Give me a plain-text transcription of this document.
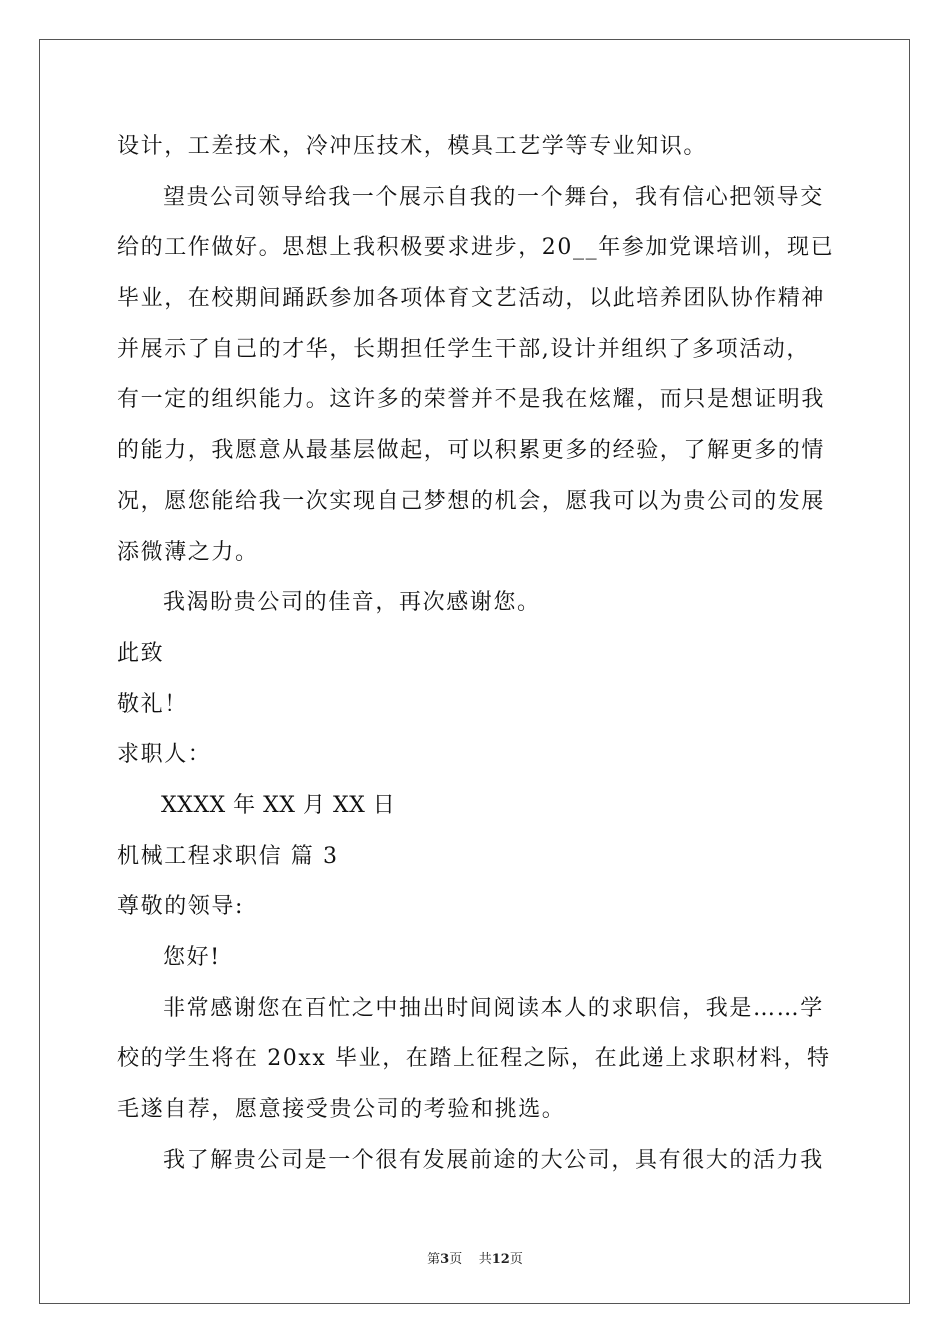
设计，工差技术，冷冲压技术，模具工艺学等专业知识。
望贵公司领导给我一个展示自我的一个舞台，我有信心把领导交
给的工作做好。思想上我积极要求进步，20__年参加党课培训，现已
毕业，在校期间踊跃参加各项体育文艺活动，以此培养团队协作精神
并展示了自己的才华，长期担任学生干部,设计并组织了多项活动，
有一定的组织能力。这许多的荣誉并不是我在炫耀，而只是想证明我
的能力，我愿意从最基层做起，可以积累更多的经验，了解更多的情
况，愿您能给我一次实现自己梦想的机会，愿我可以为贵公司的发展
添微薄之力。
我渴盼贵公司的佳音，再次感谢您。
此致
敬礼！
求职人：
XXXX 年 XX 月 XX 日
机械工程求职信 篇 3
尊敬的领导:
您好!
非常感谢您在百忙之中抽出时间阅读本人的求职信，我是……学
校的学生将在 20xx 毕业，在踏上征程之际，在此递上求职材料，特
毛遂自荐，愿意接受贵公司的考验和挑选。
我了解贵公司是一个很有发展前途的大公司，具有很大的活力我
第3页 共12页
